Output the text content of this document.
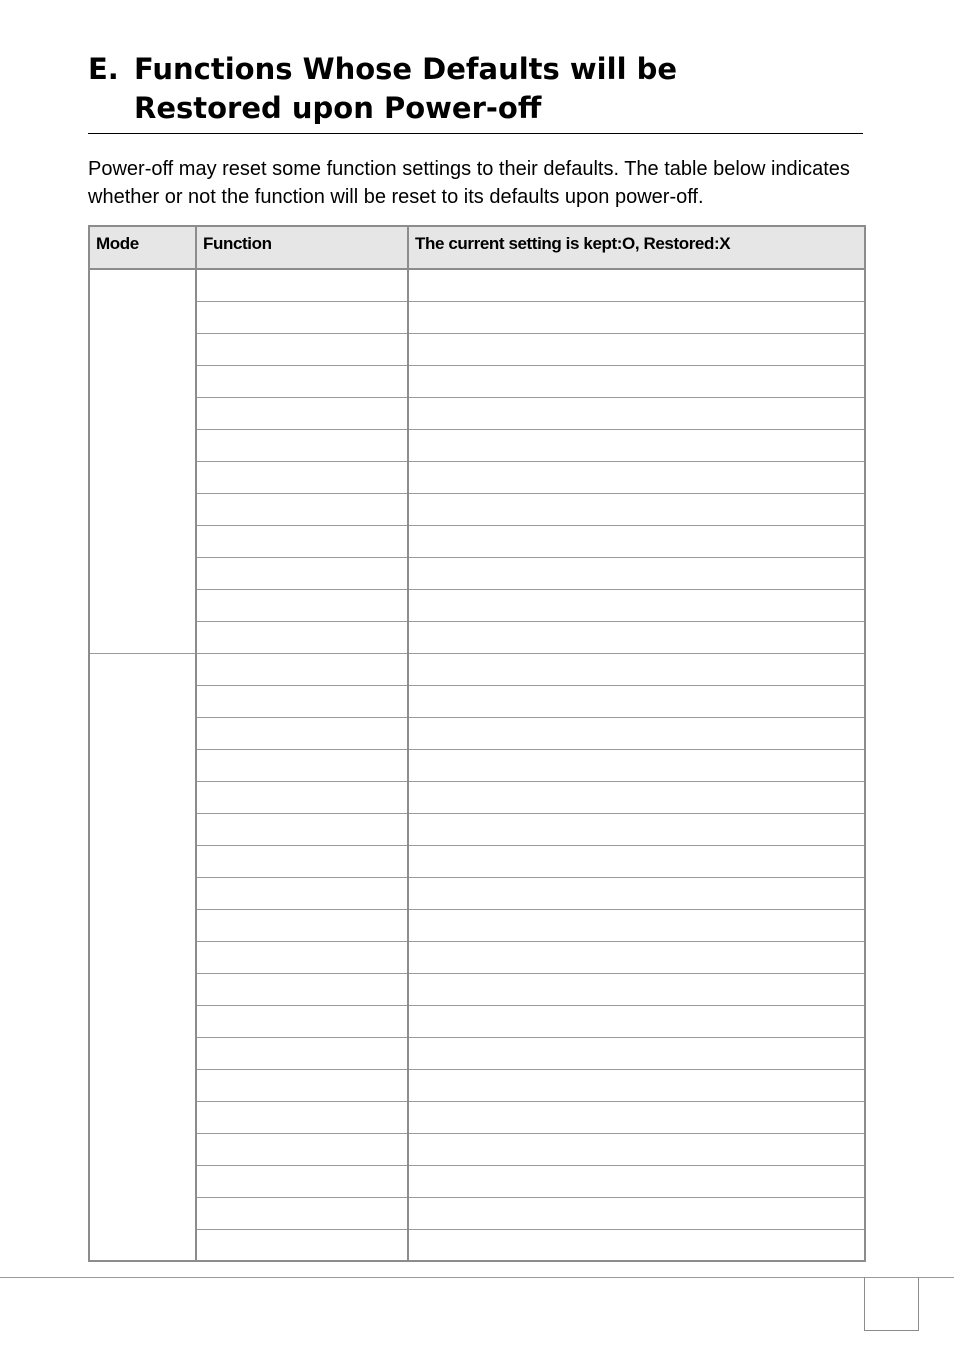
E. Functions Whose Defaults will be
Restored upon Power-off

Power-off may reset some function settings to their defaults. The table below indicates whether or not the function will be reset to its defaults upon power-off.

Mode	Function	The current setting is kept:O, Restored:X
